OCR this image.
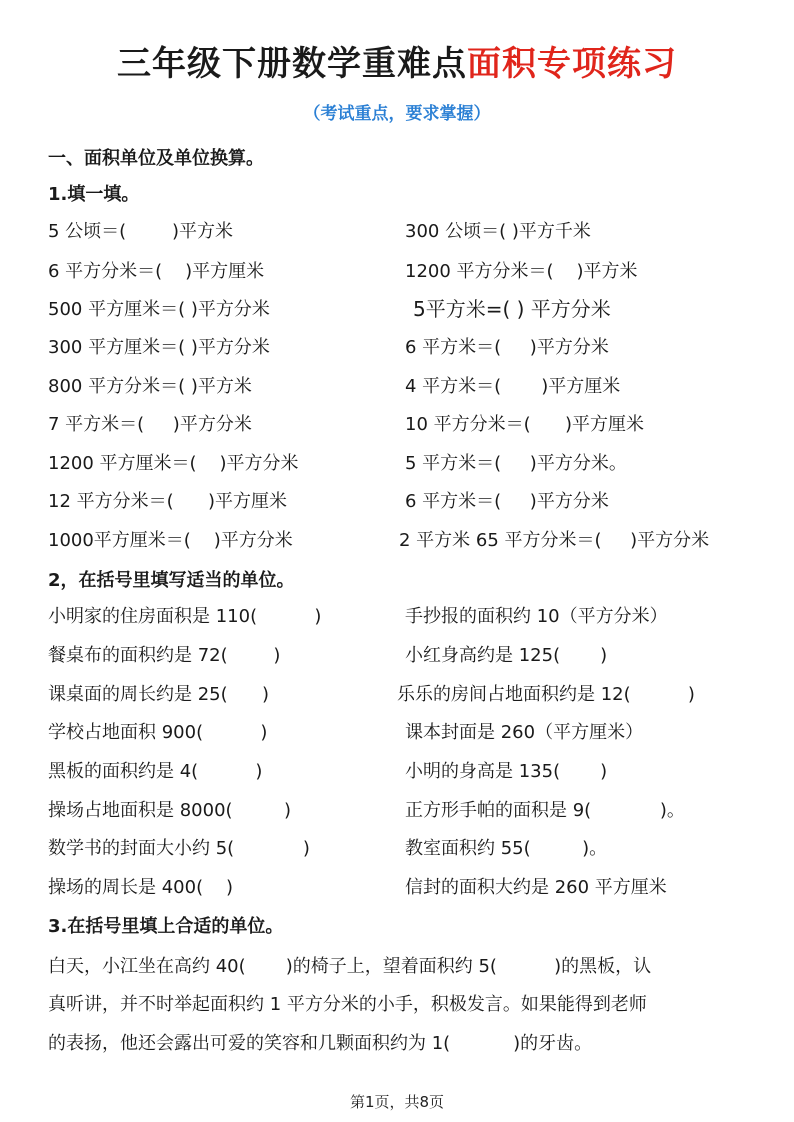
三年级下册数学重难点面积专项练习
（考试重点，要求掌握）
一、面积单位及单位换算。
1.填一填。
5 公顷＝(        )平方米	300 公顷＝( )平方千米
6 平方分米＝(    )平方厘米	1200 平方分米＝(    )平方米
500 平方厘米＝( )平方分米	5平方米=( ) 平方分米
300 平方厘米＝( )平方分米	6 平方米＝(     )平方分米
800 平方分米＝( )平方米	4 平方米＝(       )平方厘米
7 平方米＝(     )平方分米	10 平方分米＝(      )平方厘米
1200 平方厘米＝(    )平方分米	5 平方米＝(     )平方分米。
12 平方分米＝(      )平方厘米	6 平方米＝(     )平方分米
1000平方厘米＝(    )平方分米	2 平方米 65 平方分米＝(     )平方分米
2，在括号里填写适当的单位。
小明家的住房面积是 110(          )	手抄报的面积约 10（平方分米）
餐桌布的面积约是 72(        )	小红身高约是 125(       )
课桌面的周长约是 25(      )	乐乐的房间占地面积约是 12(          )
学校占地面积 900(          )	课本封面是 260（平方厘米）
黑板的面积约是 4(          )	小明的身高是 135(       )
操场占地面积是 8000(         )	正方形手帕的面积是 9(            )。
数学书的封面大小约 5(            )	教室面积约 55(         )。
操场的周长是 400(    )	信封的面积大约是 260 平方厘米
3.在括号里填上合适的单位。
白天，小江坐在高约 40(       )的椅子上，望着面积约 5(          )的黑板，认
真听讲，并不时举起面积约 1 平方分米的小手，积极发言。如果能得到老师
的表扬，他还会露出可爱的笑容和几颗面积约为 1(           )的牙齿。
第1页，共8页
